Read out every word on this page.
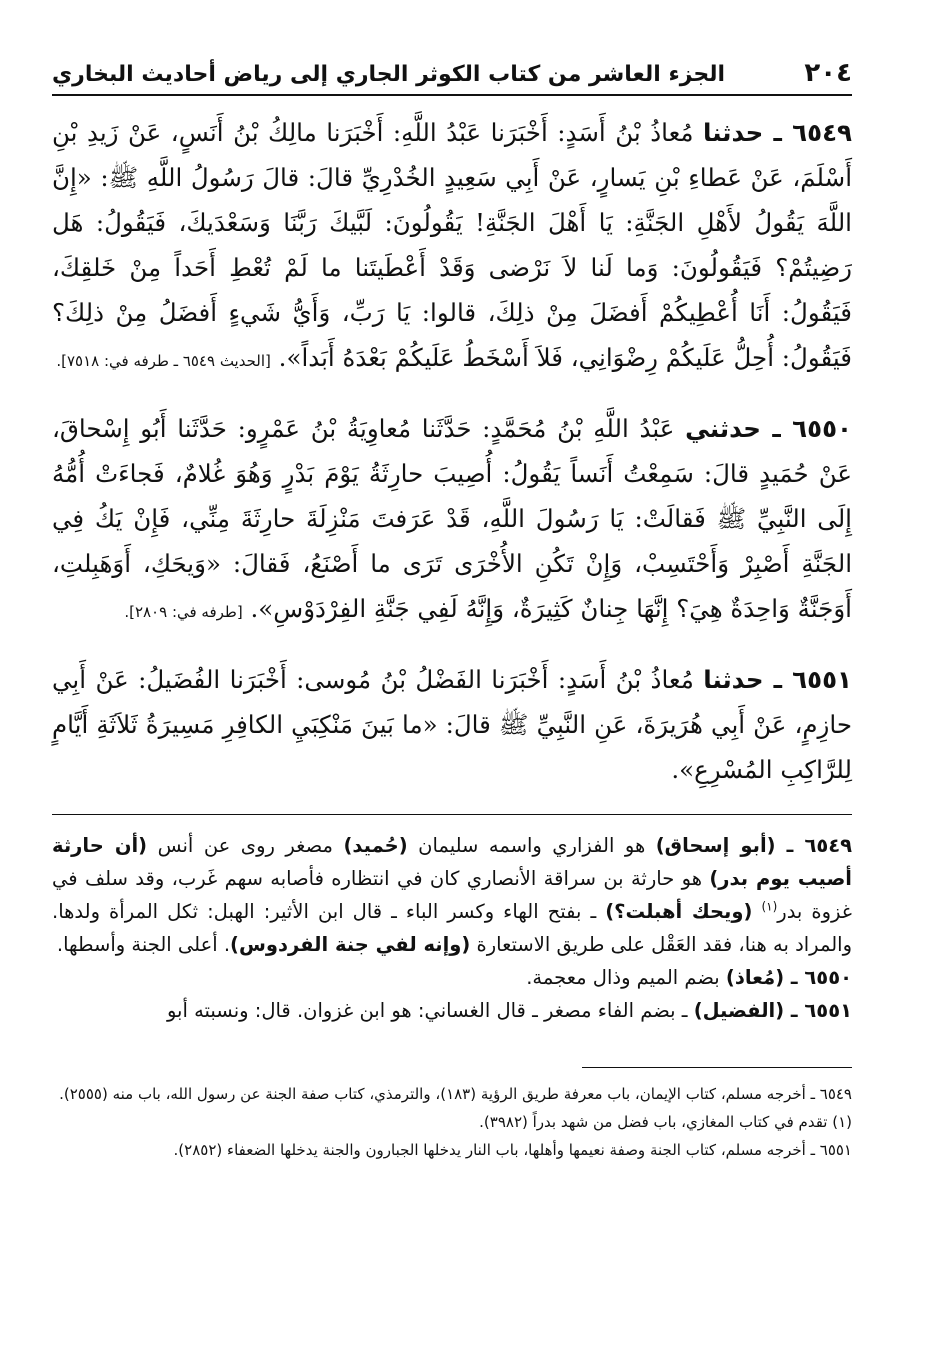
٢٠٤
الجزء العاشر من كتاب الكوثر الجاري إلى رياض أحاديث البخاري

٦٥٤٩ ـ حدثنا مُعاذُ بْنُ أَسَدٍ: أَخْبَرَنا عَبْدُ اللَّهِ: أَخْبَرَنا مالِكُ بْنُ أَنَسٍ، عَنْ زَيدِ بْنِ أَسْلَمَ، عَنْ عَطاءِ بْنِ يَسارٍ، عَنْ أَبِي سَعِيدٍ الخُدْرِيِّ قالَ: قالَ رَسُولُ اللَّهِ ﷺ: «إِنَّ اللَّهَ يَقُولُ لأَهْلِ الجَنَّةِ: يَا أَهْلَ الجَنَّةِ! يَقُولُونَ: لَبَّيكَ رَبَّنَا وَسَعْدَيكَ، فَيَقُولُ: هَل رَضِيتُمْ؟ فَيَقُولُونَ: وَما لَنا لاَ نَرْضى وَقَدْ أَعْطَيتَنا ما لَمْ تُعْطِ أَحَداً مِنْ خَلقِكَ، فَيَقُولُ: أَنَا أُعْطِيكُمْ أَفضَلَ مِنْ ذلِكَ، قالوا: يَا رَبِّ، وَأَيُّ شَيءٍ أَفضَلُ مِنْ ذلِكَ؟ فَيَقُولُ: أُحِلُّ عَلَيكُمْ رِضْوَانِي، فَلاَ أَسْخَطُ عَلَيكُمْ بَعْدَهُ أَبَداً». [الحديث ٦٥٤٩ ـ طرفه في: ٧٥١٨].

٦٥٥٠ ـ حدثني عَبْدُ اللَّهِ بْنُ مُحَمَّدٍ: حَدَّثَنا مُعاوِيَةُ بْنُ عَمْرٍو: حَدَّثَنا أَبُو إِسْحاقَ، عَنْ حُمَيدٍ قالَ: سَمِعْتُ أَنَساً يَقُولُ: أُصِيبَ حارِثَةُ يَوْمَ بَدْرٍ وَهُوَ غُلامٌ، فَجاءَتْ أُمُّهُ إِلَى النَّبِيِّ ﷺ فَقالَتْ: يَا رَسُولَ اللَّهِ، قَدْ عَرَفتَ مَنْزِلَةَ حارِثَةَ مِنِّي، فَإِنْ يَكُ فِي الجَنَّةِ أَصْبِرْ وَأَحْتَسِبْ، وَإِنْ تَكُنِ الأُخْرَى تَرَى ما أَصْنَعُ، فَقالَ: «وَيحَكِ، أَوَهَبِلتِ، أَوَجَنَّةٌ وَاحِدَةٌ هِيَ؟ إِنَّهَا جِنانٌ كَثِيرَةٌ، وَإِنَّهُ لَفِي جَنَّةِ الفِرْدَوْسِ». [طرفه في: ٢٨٠٩].

٦٥٥١ ـ حدثنا مُعاذُ بْنُ أَسَدٍ: أَخْبَرَنا الفَضْلُ بْنُ مُوسى: أَخْبَرَنا الفُضَيلُ: عَنْ أَبِي حازِمٍ، عَنْ أَبِي هُرَيرَةَ، عَنِ النَّبِيِّ ﷺ قالَ: «ما بَينَ مَنْكِبَيِ الكافِرِ مَسِيرَةُ ثَلاَثَةِ أَيَّامٍ لِلرَّاكِبِ المُسْرِعِ».

٦٥٤٩ ـ (أبو إسحاق) هو الفزاري واسمه سليمان (حُميد) مصغر روى عن أنس (أن حارثة أصيب يوم بدر) هو حارثة بن سراقة الأنصاري كان في انتظاره فأصابه سهم غَرب، وقد سلف في غزوة بدر$^{(١)}$ (ويحك أهبلت؟) ـ بفتح الهاء وكسر الباء ـ قال ابن الأثير: الهبل: ثكل المرأة ولدها. والمراد به هنا، فقد العَقْل على طريق الاستعارة (وإنه لفي جنة الفردوس). أعلى الجنة وأسطها.

٦٥٥٠ ـ (مُعاذ) بضم الميم وذال معجمة.

٦٥٥١ ـ (الفضيل) ـ بضم الفاء مصغر ـ قال الغساني: هو ابن غزوان. قال: ونسبته أبو

٦٥٤٩ ـ أخرجه مسلم، كتاب الإيمان، باب معرفة طريق الرؤية (١٨٣)، والترمذي، كتاب صفة الجنة عن رسول الله، باب منه (٢٥٥٥).

(١) تقدم في كتاب المغازي، باب فضل من شهد بدراً (٣٩٨٢).

٦٥٥١ ـ أخرجه مسلم، كتاب الجنة وصفة نعيمها وأهلها، باب النار يدخلها الجبارون والجنة يدخلها الضعفاء (٢٨٥٢).
